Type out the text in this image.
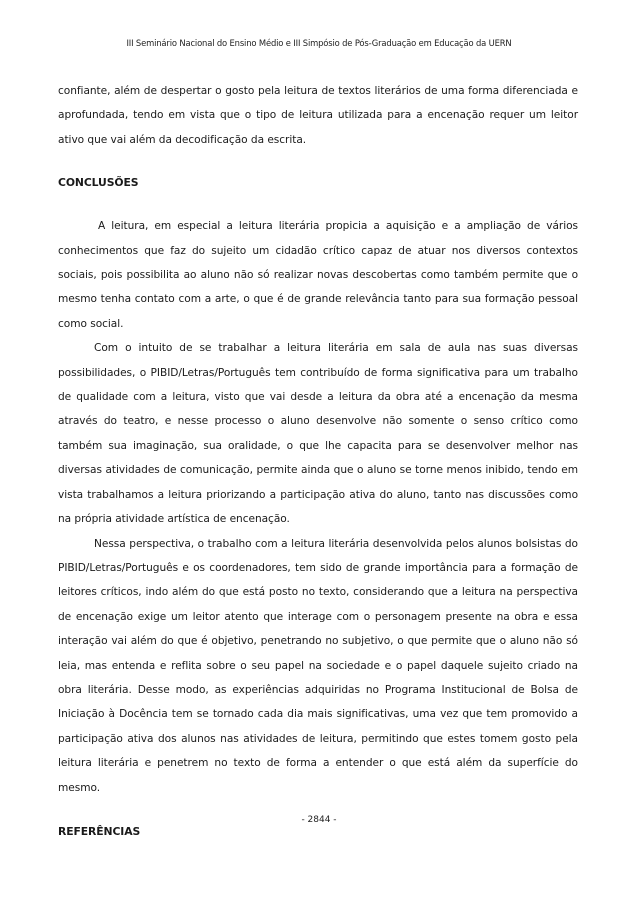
III Seminário Nacional do Ensino Médio e III Simpósio de Pós-Graduação em Educação da UERN

confiante, além de despertar o gosto pela leitura de textos literários de uma forma diferenciada e aprofundada, tendo em vista que o tipo de leitura utilizada para a encenação requer um leitor ativo que vai além da decodificação da escrita.

CONCLUSÕES

A leitura, em especial a leitura literária propicia a aquisição e a ampliação de vários conhecimentos que faz do sujeito um cidadão crítico capaz de atuar nos diversos contextos sociais, pois possibilita ao aluno não só realizar novas descobertas como também permite que o mesmo tenha contato com a arte, o que é de grande relevância tanto para sua formação pessoal como social.

Com o intuito de se trabalhar a leitura literária em sala de aula nas suas diversas possibilidades, o PIBID/Letras/Português tem contribuído de forma significativa para um trabalho de qualidade com a leitura, visto que vai desde a leitura da obra até a encenação da mesma através do teatro, e nesse processo o aluno desenvolve não somente o senso crítico como também sua imaginação, sua oralidade, o que lhe capacita para se desenvolver melhor nas diversas atividades de comunicação, permite ainda que o aluno se torne menos inibido, tendo em vista trabalhamos a leitura priorizando a participação ativa do aluno, tanto nas discussões como na própria atividade artística de encenação.

Nessa perspectiva, o trabalho com a leitura literária desenvolvida pelos alunos bolsistas do PIBID/Letras/Português e os coordenadores, tem sido de grande importância para a formação de leitores críticos, indo além do que está posto no texto, considerando que a leitura na perspectiva de encenação exige um leitor atento que interage com o personagem presente na obra e essa interação vai além do que é objetivo, penetrando no subjetivo, o que permite que o aluno não só leia, mas entenda e reflita sobre o seu papel na sociedade e o papel daquele sujeito criado na obra literária. Desse modo, as experiências adquiridas no Programa Institucional de Bolsa de Iniciação à Docência tem se tornado cada dia mais significativas, uma vez que tem promovido a participação ativa dos alunos nas atividades de leitura, permitindo que estes tomem gosto pela leitura literária e penetrem no texto de forma a entender o que está além da superfície do mesmo.

REFERÊNCIAS
- 2844 -
